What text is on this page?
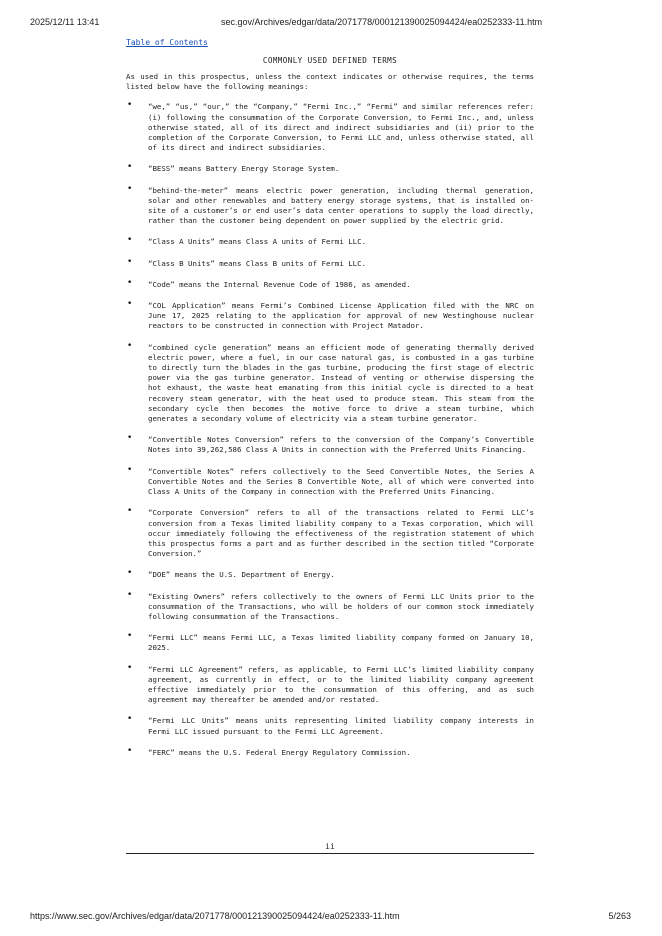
2025/12/11 13:41	sec.gov/Archives/edgar/data/2071778/000121390025094424/ea0252333-11.htm
Table of Contents
COMMONLY USED DEFINED TERMS
As used in this prospectus, unless the context indicates or otherwise requires, the terms listed below have the following meanings:
• “we,” “us,” “our,” the “Company,” “Fermi Inc.,” “Fermi” and similar references refer: (i) following the consummation of the Corporate Conversion, to Fermi Inc., and, unless otherwise stated, all of its direct and indirect subsidiaries and (ii) prior to the completion of the Corporate Conversion, to Fermi LLC and, unless otherwise stated, all of its direct and indirect subsidiaries.
• “BESS” means Battery Energy Storage System.
• “behind-the-meter” means electric power generation, including thermal generation, solar and other renewables and battery energy storage systems, that is installed on-site of a customer’s or end user’s data center operations to supply the load directly, rather than the customer being dependent on power supplied by the electric grid.
• “Class A Units” means Class A units of Fermi LLC.
• “Class B Units” means Class B units of Fermi LLC.
• “Code” means the Internal Revenue Code of 1986, as amended.
• “COL Application” means Fermi’s Combined License Application filed with the NRC on June 17, 2025 relating to the application for approval of new Westinghouse nuclear reactors to be constructed in connection with Project Matador.
• “combined cycle generation” means an efficient mode of generating thermally derived electric power, where a fuel, in our case natural gas, is combusted in a gas turbine to directly turn the blades in the gas turbine, producing the first stage of electric power via the gas turbine generator. Instead of venting or otherwise dispersing the hot exhaust, the waste heat emanating from this initial cycle is directed to a heat recovery steam generator, with the heat used to produce steam. This steam from the secondary cycle then becomes the motive force to drive a steam turbine, which generates a secondary volume of electricity via a steam turbine generator.
• “Convertible Notes Conversion” refers to the conversion of the Company’s Convertible Notes into 39,262,586 Class A Units in connection with the Preferred Units Financing.
• “Convertible Notes” refers collectively to the Seed Convertible Notes, the Series A Convertible Notes and the Series B Convertible Note, all of which were converted into Class A Units of the Company in connection with the Preferred Units Financing.
• “Corporate Conversion” refers to all of the transactions related to Fermi LLC’s conversion from a Texas limited liability company to a Texas corporation, which will occur immediately following the effectiveness of the registration statement of which this prospectus forms a part and as further described in the section titled “Corporate Conversion.”
• “DOE” means the U.S. Department of Energy.
• “Existing Owners” refers collectively to the owners of Fermi LLC Units prior to the consummation of the Transactions, who will be holders of our common stock immediately following consummation of the Transactions.
• “Fermi LLC” means Fermi LLC, a Texas limited liability company formed on January 10, 2025.
• “Fermi LLC Agreement” refers, as applicable, to Fermi LLC’s limited liability company agreement, as currently in effect, or to the limited liability company agreement effective immediately prior to the consummation of this offering, and as such agreement may thereafter be amended and/or restated.
• “Fermi LLC Units” means units representing limited liability company interests in Fermi LLC issued pursuant to the Fermi LLC Agreement.
• “FERC” means the U.S. Federal Energy Regulatory Commission.
ii
https://www.sec.gov/Archives/edgar/data/2071778/000121390025094424/ea0252333-11.htm	5/263
